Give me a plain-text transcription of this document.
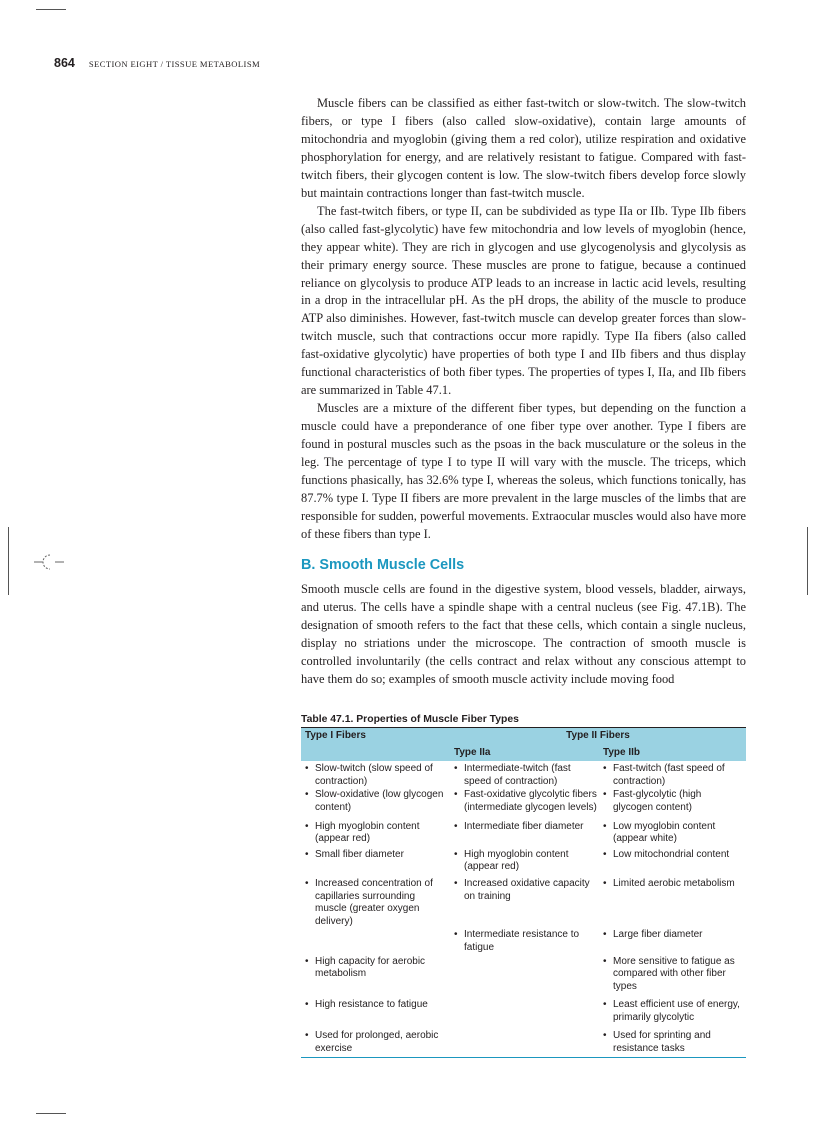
864 SECTION EIGHT / TISSUE METABOLISM

Muscle fibers can be classified as either fast-twitch or slow-twitch. The slow-twitch fibers, or type I fibers (also called slow-oxidative), contain large amounts of mitochondria and myoglobin (giving them a red color), utilize respiration and oxidative phosphorylation for energy, and are relatively resistant to fatigue. Compared with fast-twitch fibers, their glycogen content is low. The slow-twitch fibers develop force slowly but maintain contractions longer than fast-twitch muscle.

The fast-twitch fibers, or type II, can be subdivided as type IIa or IIb. Type IIb fibers (also called fast-glycolytic) have few mitochondria and low levels of myoglobin (hence, they appear white). They are rich in glycogen and use glycogenolysis and glycolysis as their primary energy source. These muscles are prone to fatigue, because a continued reliance on glycolysis to produce ATP leads to an increase in lactic acid levels, resulting in a drop in the intracellular pH. As the pH drops, the ability of the muscle to produce ATP also diminishes. However, fast-twitch muscle can develop greater forces than slow-twitch muscle, such that contractions occur more rapidly. Type IIa fibers (also called fast-oxidative glycolytic) have properties of both type I and IIb fibers and thus display functional characteristics of both fiber types. The properties of types I, IIa, and IIb fibers are summarized in Table 47.1.

Muscles are a mixture of the different fiber types, but depending on the function a muscle could have a preponderance of one fiber type over another. Type I fibers are found in postural muscles such as the psoas in the back musculature or the soleus in the leg. The percentage of type I to type II will vary with the muscle. The triceps, which functions phasically, has 32.6% type I, whereas the soleus, which functions tonically, has 87.7% type I. Type II fibers are more prevalent in the large muscles of the limbs that are responsible for sudden, powerful movements. Extraocular muscles would also have more of these fibers than type I.

B. Smooth Muscle Cells

Smooth muscle cells are found in the digestive system, blood vessels, bladder, airways, and uterus. The cells have a spindle shape with a central nucleus (see Fig. 47.1B). The designation of smooth refers to the fact that these cells, which contain a single nucleus, display no striations under the microscope. The contraction of smooth muscle is controlled involuntarily (the cells contract and relax without any conscious attempt to have them do so; examples of smooth muscle activity include moving food

Table 47.1. Properties of Muscle Fiber Types
Type I Fibers	Type II Fibers	
	Type IIa	Type IIb

• Slow-twitch (slow speed of contraction)	• Intermediate-twitch (fast speed of contraction)	• Fast-twitch (fast speed of contraction)

• Slow-oxidative (low glycogen content)	• Fast-oxidative glycolytic fibers (intermediate glycogen levels)	• Fast-glycolytic (high glycogen content)

• High myoglobin content (appear red)	• Intermediate fiber diameter	• Low myoglobin content (appear white)

• Small fiber diameter	• High myoglobin content (appear red)	• Low mitochondrial content

• Increased concentration of capillaries surrounding muscle (greater oxygen delivery)	• Increased oxidative capacity on training	• Limited aerobic metabolism

	• Intermediate resistance to fatigue	• Large fiber diameter

• High capacity for aerobic metabolism		• More sensitive to fatigue as compared with other fiber types

• High resistance to fatigue		• Least efficient use of energy, primarily glycolytic

• Used for prolonged, aerobic exercise		• Used for sprinting and resistance tasks
